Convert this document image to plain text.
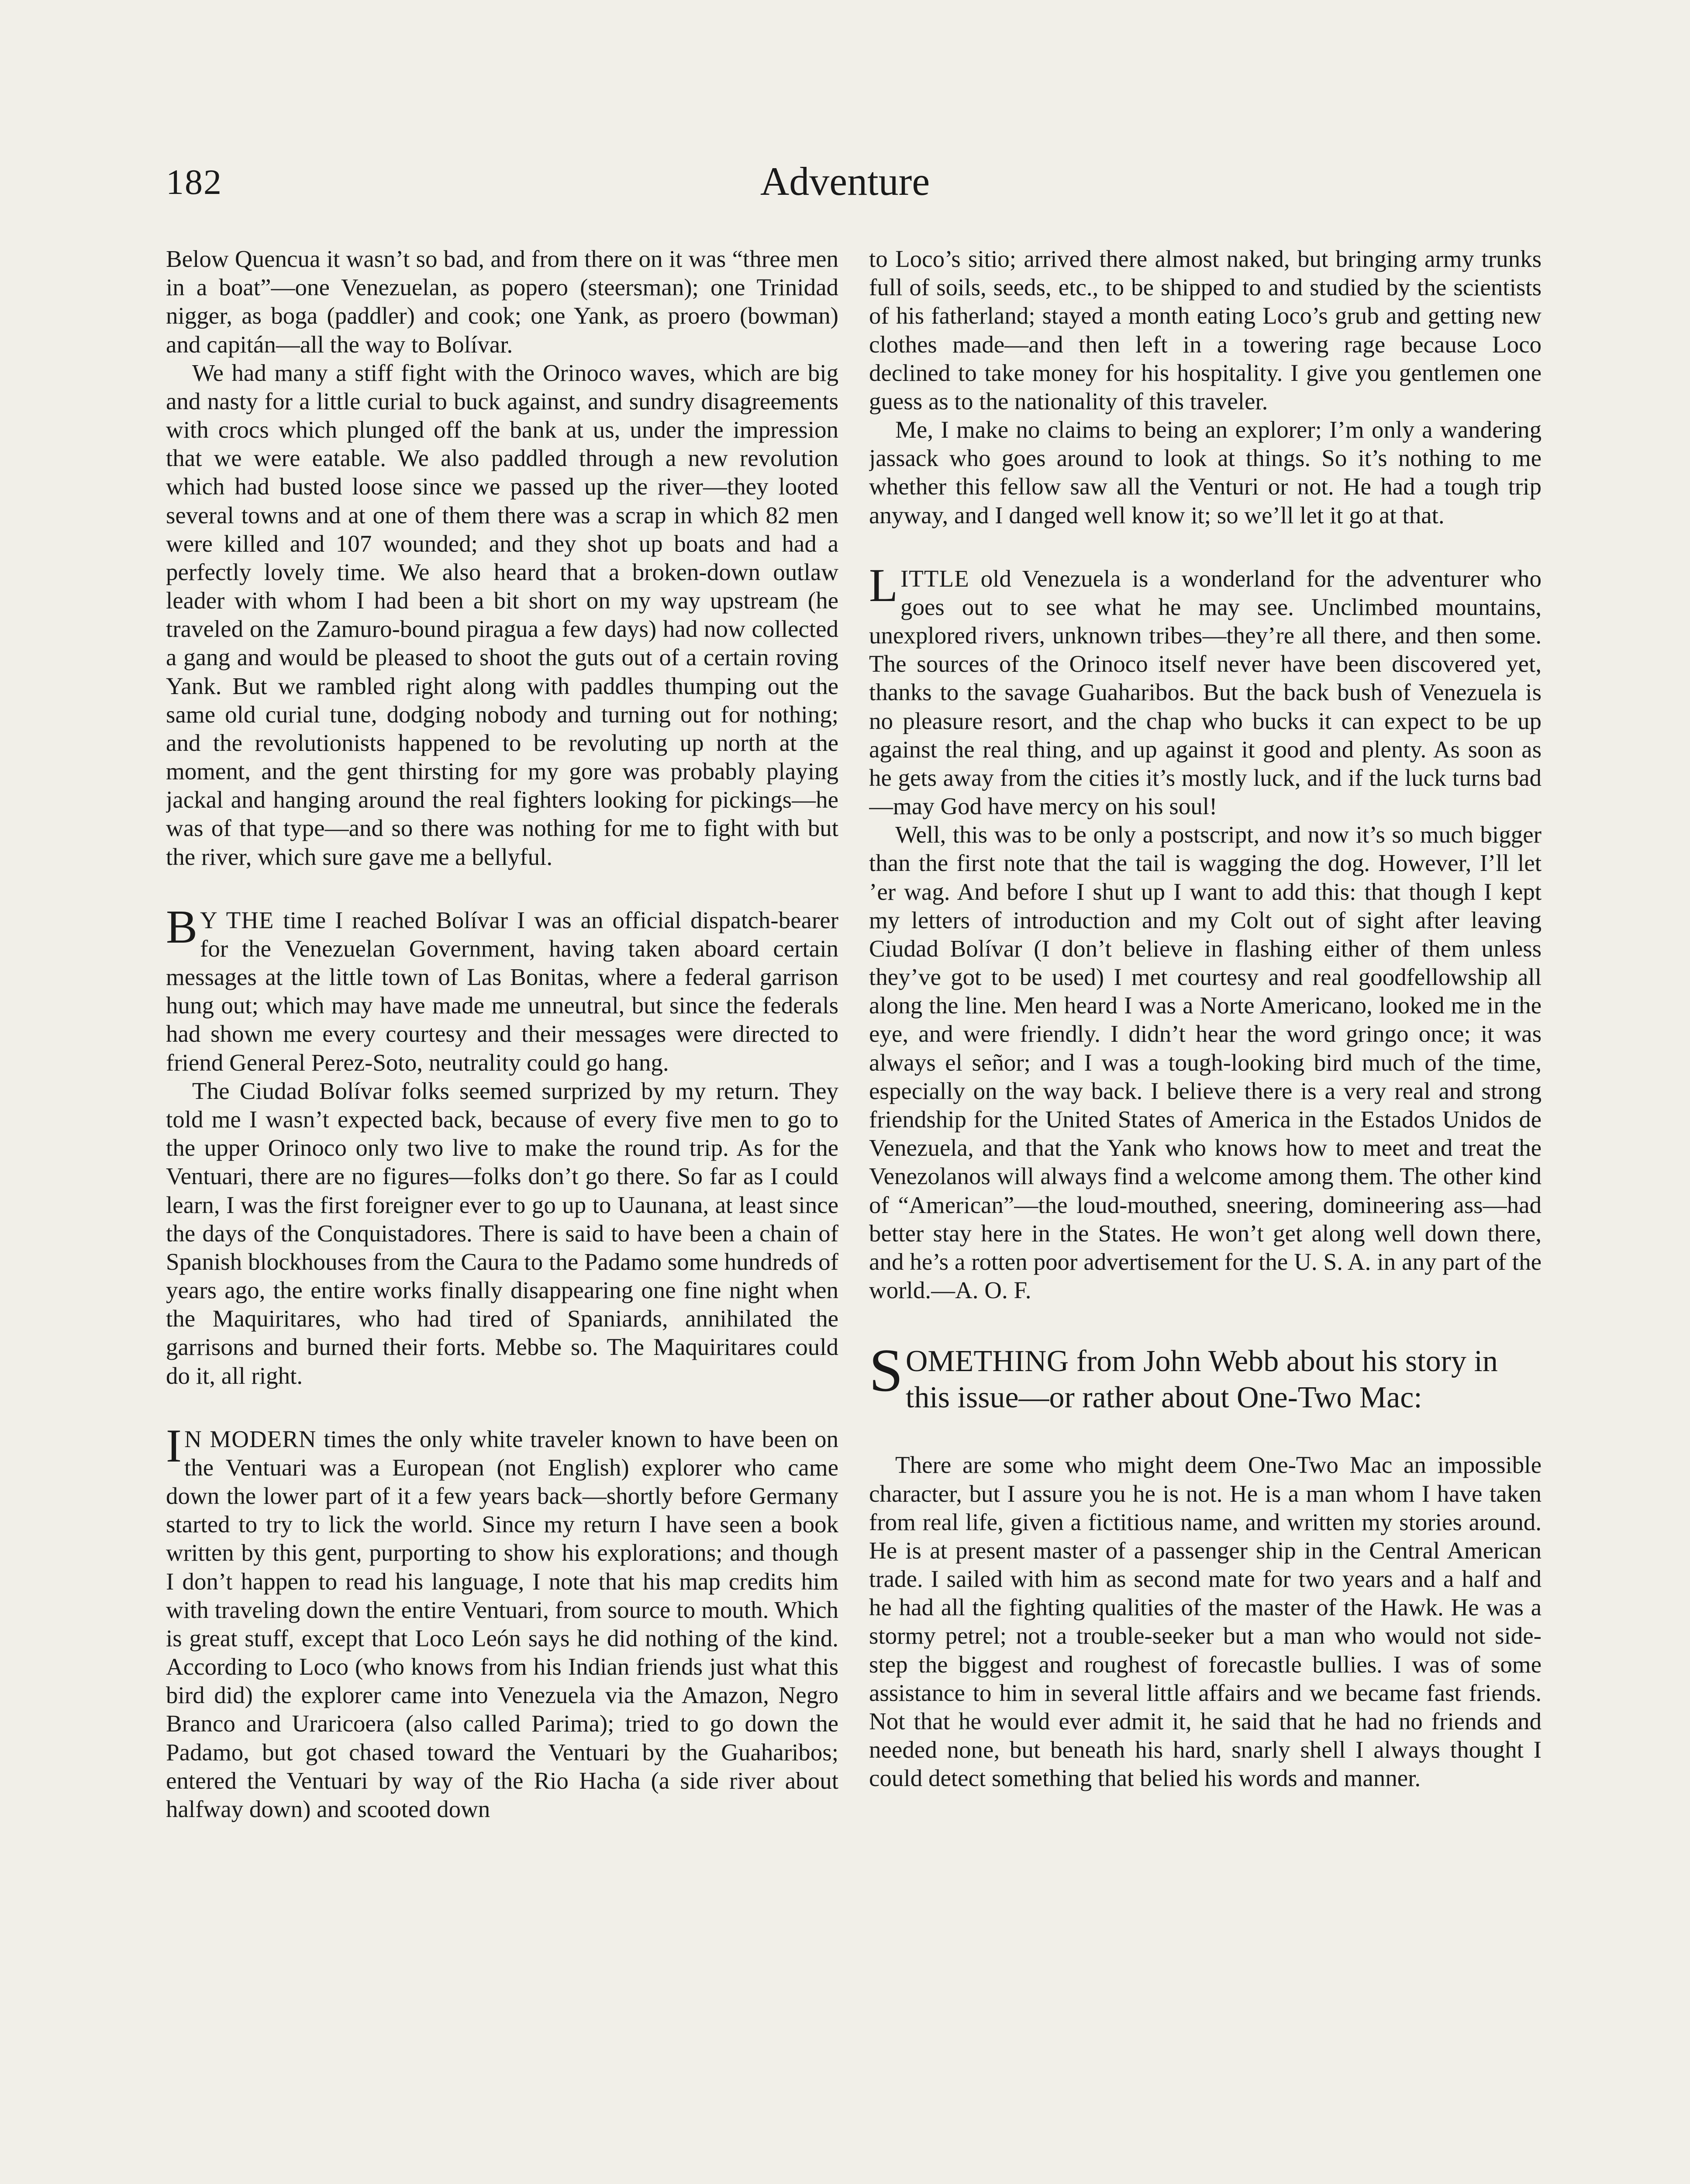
182	Adventure

Below Quencua it wasn’t so bad, and from there on it was “three men in a boat”—one Venezuelan, as popero (steersman); one Trinidad nigger, as boga (paddler) and cook; one Yank, as proero (bowman) and capitán—all the way to Bolívar.

We had many a stiff fight with the Orinoco waves, which are big and nasty for a little curial to buck against, and sundry disagreements with crocs which plunged off the bank at us, under the impression that we were eatable. We also paddled through a new revolution which had busted loose since we passed up the river—they looted several towns and at one of them there was a scrap in which 82 men were killed and 107 wounded; and they shot up boats and had a perfectly lovely time. We also heard that a broken-down outlaw leader with whom I had been a bit short on my way upstream (he traveled on the Zamuro-bound piragua a few days) had now collected a gang and would be pleased to shoot the guts out of a certain roving Yank. But we rambled right along with paddles thumping out the same old curial tune, dodging nobody and turning out for nothing; and the revolutionists happened to be revoluting up north at the moment, and the gent thirsting for my gore was probably playing jackal and hanging around the real fighters looking for pickings—he was of that type—and so there was nothing for me to fight with but the river, which sure gave me a bellyful.

B Y THE time I reached Bolívar I was an official dispatch-bearer for the Venezuelan Government, having taken aboard certain messages at the little town of Las Bonitas, where a federal garrison hung out; which may have made me unneutral, but since the federals had shown me every courtesy and their messages were directed to friend General Perez-Soto, neutrality could go hang.

The Ciudad Bolívar folks seemed surprized by my return. They told me I wasn’t expected back, because of every five men to go to the upper Orinoco only two live to make the round trip. As for the Ventuari, there are no figures—folks don’t go there. So far as I could learn, I was the first foreigner ever to go up to Uaunana, at least since the days of the Conquistadores. There is said to have been a chain of Spanish blockhouses from the Caura to the Padamo some hundreds of years ago, the entire works finally disappearing one fine night when the Maquiritares, who had tired of Spaniards, annihilated the garrisons and burned their forts. Mebbe so. The Maquiritares could do it, all right.

I N MODERN times the only white traveler known to have been on the Ventuari was a European (not English) explorer who came down the lower part of it a few years back—shortly before Germany started to try to lick the world. Since my return I have seen a book written by this gent, purporting to show his explorations; and though I don’t happen to read his language, I note that his map credits him with traveling down the entire Ventuari, from source to mouth. Which is great stuff, except that Loco León says he did nothing of the kind. According to Loco (who knows from his Indian friends just what this bird did) the explorer came into Venezuela via the Amazon, Negro Branco and Uraricoera (also called Parima); tried to go down the Padamo, but got chased toward the Ventuari by the Guaharibos; entered the Ventuari by way of the Rio Hacha (a side river about halfway down) and scooted down

to Loco’s sitio; arrived there almost naked, but bringing army trunks full of soils, seeds, etc., to be shipped to and studied by the scientists of his fatherland; stayed a month eating Loco’s grub and getting new clothes made—and then left in a towering rage because Loco declined to take money for his hospitality. I give you gentlemen one guess as to the nationality of this traveler.

Me, I make no claims to being an explorer; I’m only a wandering jassack who goes around to look at things. So it’s nothing to me whether this fellow saw all the Venturi or not. He had a tough trip anyway, and I danged well know it; so we’ll let it go at that.

LITTLE old Venezuela is a wonderland for the adventurer who goes out to see what he may see. Unclimbed mountains, unexplored rivers, unknown tribes—they’re all there, and then some. The sources of the Orinoco itself never have been discovered yet, thanks to the savage Guaharibos. But the back bush of Venezuela is no pleasure resort, and the chap who bucks it can expect to be up against the real thing, and up against it good and plenty. As soon as he gets away from the cities it’s mostly luck, and if the luck turns bad—may God have mercy on his soul!

Well, this was to be only a postscript, and now it’s so much bigger than the first note that the tail is wagging the dog. However, I’ll let ’er wag. And before I shut up I want to add this: that though I kept my letters of introduction and my Colt out of sight after leaving Ciudad Bolívar (I don’t believe in flashing either of them unless they’ve got to be used) I met courtesy and real goodfellowship all along the line. Men heard I was a Norte Americano, looked me in the eye, and were friendly. I didn’t hear the word gringo once; it was always el señor; and I was a tough-looking bird much of the time, especially on the way back. I believe there is a very real and strong friendship for the United States of America in the Estados Unidos de Venezuela, and that the Yank who knows how to meet and treat the Venezolanos will always find a welcome among them. The other kind of “American”—the loud-mouthed, sneering, domineering ass—had better stay here in the States. He won’t get along well down there, and he’s a rotten poor advertisement for the U. S. A. in any part of the world.—A. O. F.

SOMETHING from John Webb about his story in this issue—or rather about One-Two Mac:

There are some who might deem One-Two Mac an impossible character, but I assure you he is not. He is a man whom I have taken from real life, given a fictitious name, and written my stories around. He is at present master of a passenger ship in the Central American trade. I sailed with him as second mate for two years and a half and he had all the fighting qualities of the master of the Hawk. He was a stormy petrel; not a trouble-seeker but a man who would not side-step the biggest and roughest of forecastle bullies. I was of some assistance to him in several little affairs and we became fast friends. Not that he would ever admit it, he said that he had no friends and needed none, but beneath his hard, snarly shell I always thought I could detect something that belied his words and manner.
